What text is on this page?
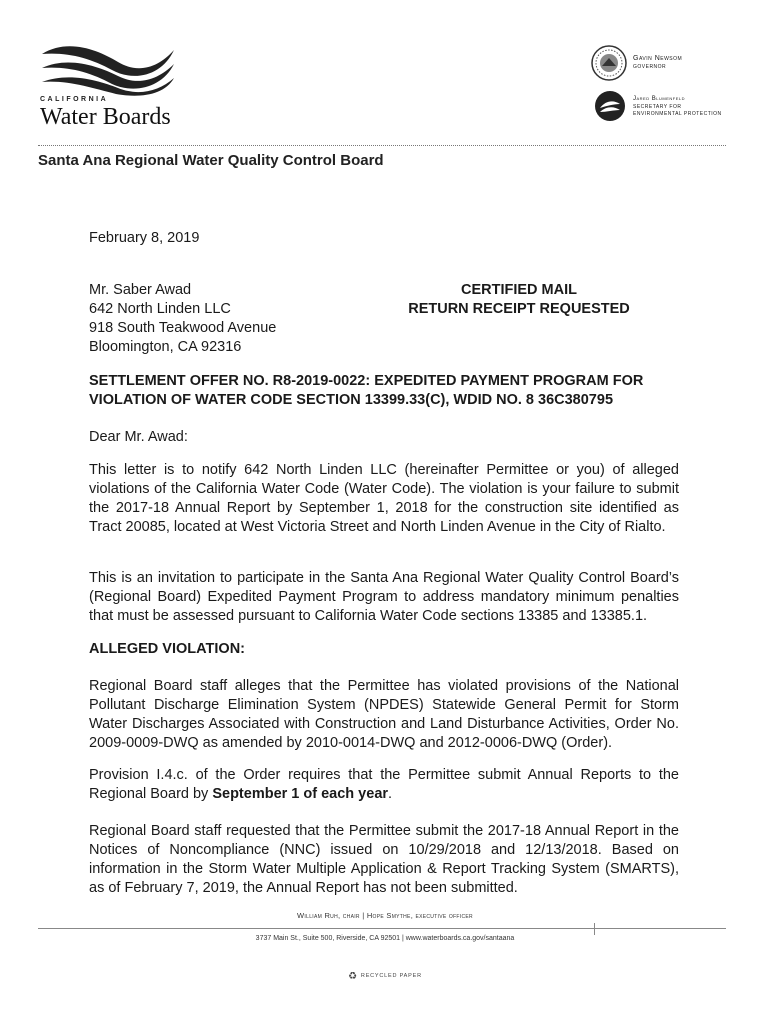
CALIFORNIA
Water Boards
Gavin Newsom
GOVERNOR
Jared Blumenfeld
SECRETARY FOR
ENVIRONMENTAL PROTECTION
Santa Ana Regional Water Quality Control Board
February 8, 2019
Mr. Saber Awad
642 North Linden LLC
918 South Teakwood Avenue
Bloomington, CA 92316
CERTIFIED MAIL
RETURN RECEIPT REQUESTED
SETTLEMENT OFFER NO. R8-2019-0022: EXPEDITED PAYMENT PROGRAM FOR
VIOLATION OF WATER CODE SECTION 13399.33(C), WDID NO. 8 36C380795
Dear Mr. Awad:
This letter is to notify 642 North Linden LLC (hereinafter Permittee or you) of alleged violations of the California Water Code (Water Code). The violation is your failure to submit the 2017-18 Annual Report by September 1, 2018 for the construction site identified as Tract 20085, located at West Victoria Street and North Linden Avenue in the City of Rialto.
This is an invitation to participate in the Santa Ana Regional Water Quality Control Board’s (Regional Board) Expedited Payment Program to address mandatory minimum penalties that must be assessed pursuant to California Water Code sections 13385 and 13385.1.
ALLEGED VIOLATION:
Regional Board staff alleges that the Permittee has violated provisions of the National Pollutant Discharge Elimination System (NPDES) Statewide General Permit for Storm Water Discharges Associated with Construction and Land Disturbance Activities, Order No. 2009-0009-DWQ as amended by 2010-0014-DWQ and 2012-0006-DWQ (Order).
Provision I.4.c. of the Order requires that the Permittee submit Annual Reports to the Regional Board by September 1 of each year.
Regional Board staff requested that the Permittee submit the 2017-18 Annual Report in the Notices of Noncompliance (NNC) issued on 10/29/2018 and 12/13/2018. Based on information in the Storm Water Multiple Application & Report Tracking System (SMARTS), as of February 7, 2019, the Annual Report has not been submitted.
William Ruh, chair | Hope Smythe, executive officer
3737 Main St., Suite 500, Riverside, CA 92501 | www.waterboards.ca.gov/santaana
♻ RECYCLED PAPER
